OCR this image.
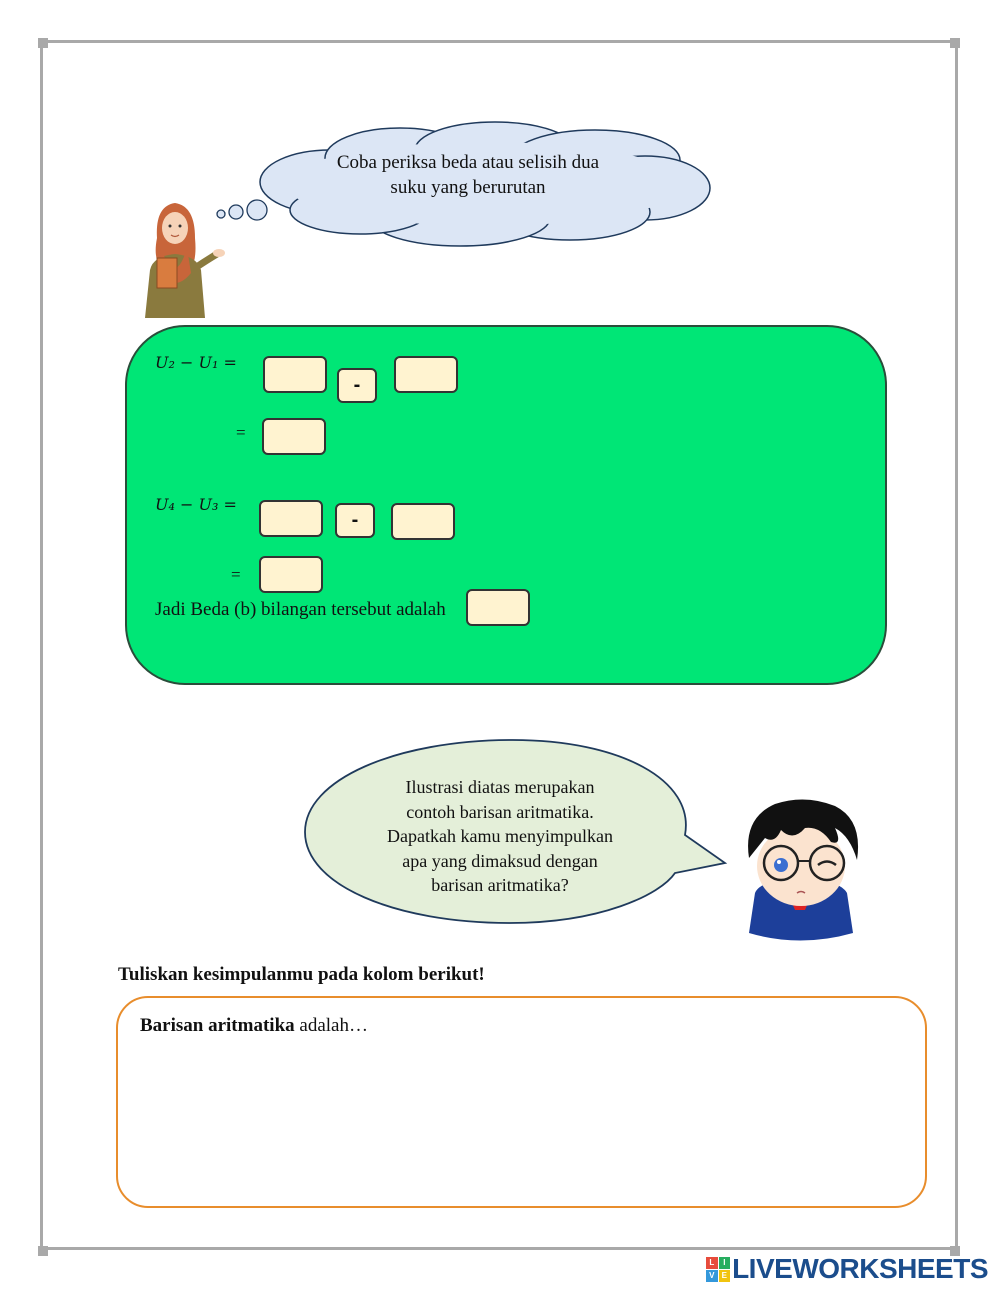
Coba periksa beda atau selisih dua
suku yang berurutan
U₂ − U₁ =
-
=
U₄ − U₃ =
-
=
Jadi Beda (b) bilangan tersebut adalah
Ilustrasi diatas merupakan
contoh barisan aritmatika.
Dapatkah kamu menyimpulkan
apa yang dimaksud dengan
barisan aritmatika?
Tuliskan kesimpulanmu pada kolom berikut!
Barisan aritmatika adalah…
L	I
V E LIVEWORKSHEETS
